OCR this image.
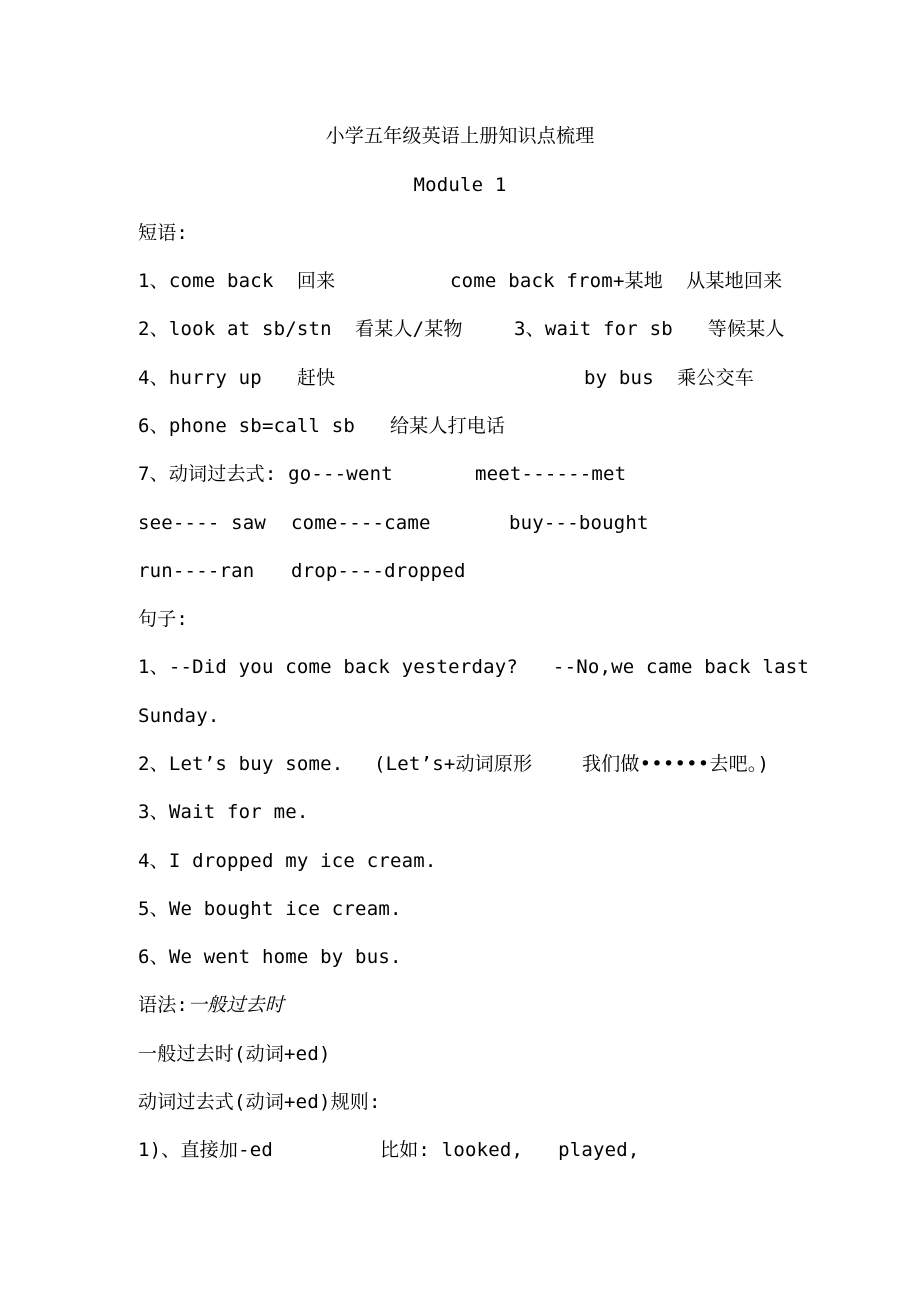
小学五年级英语上册知识点梳理
Module 1
短语:
1、come back  回来	come back from+某地  从某地回来
2、look at sb/stn  看某人/某物	3、wait for sb   等候某人
4、hurry up   赶快	by bus  乘公交车
6、phone sb=call sb   给某人打电话
7、动词过去式: go---went	meet------met
see---- saw come----came	buy---bought
run----ran drop----dropped
句子:
1、--Did you come back yesterday?   --No,we came back last
Sunday.
2、Let’s buy some. (Let’s+动词原形	我们做••••••去吧。)
3、Wait for me.
4、I dropped my ice cream.
5、We bought ice cream.
6、We went home by bus.
语法:一般过去时
一般过去时(动词+ed)
动词过去式(动词+ed)规则:
1)、直接加-ed	比如: looked,   played,
